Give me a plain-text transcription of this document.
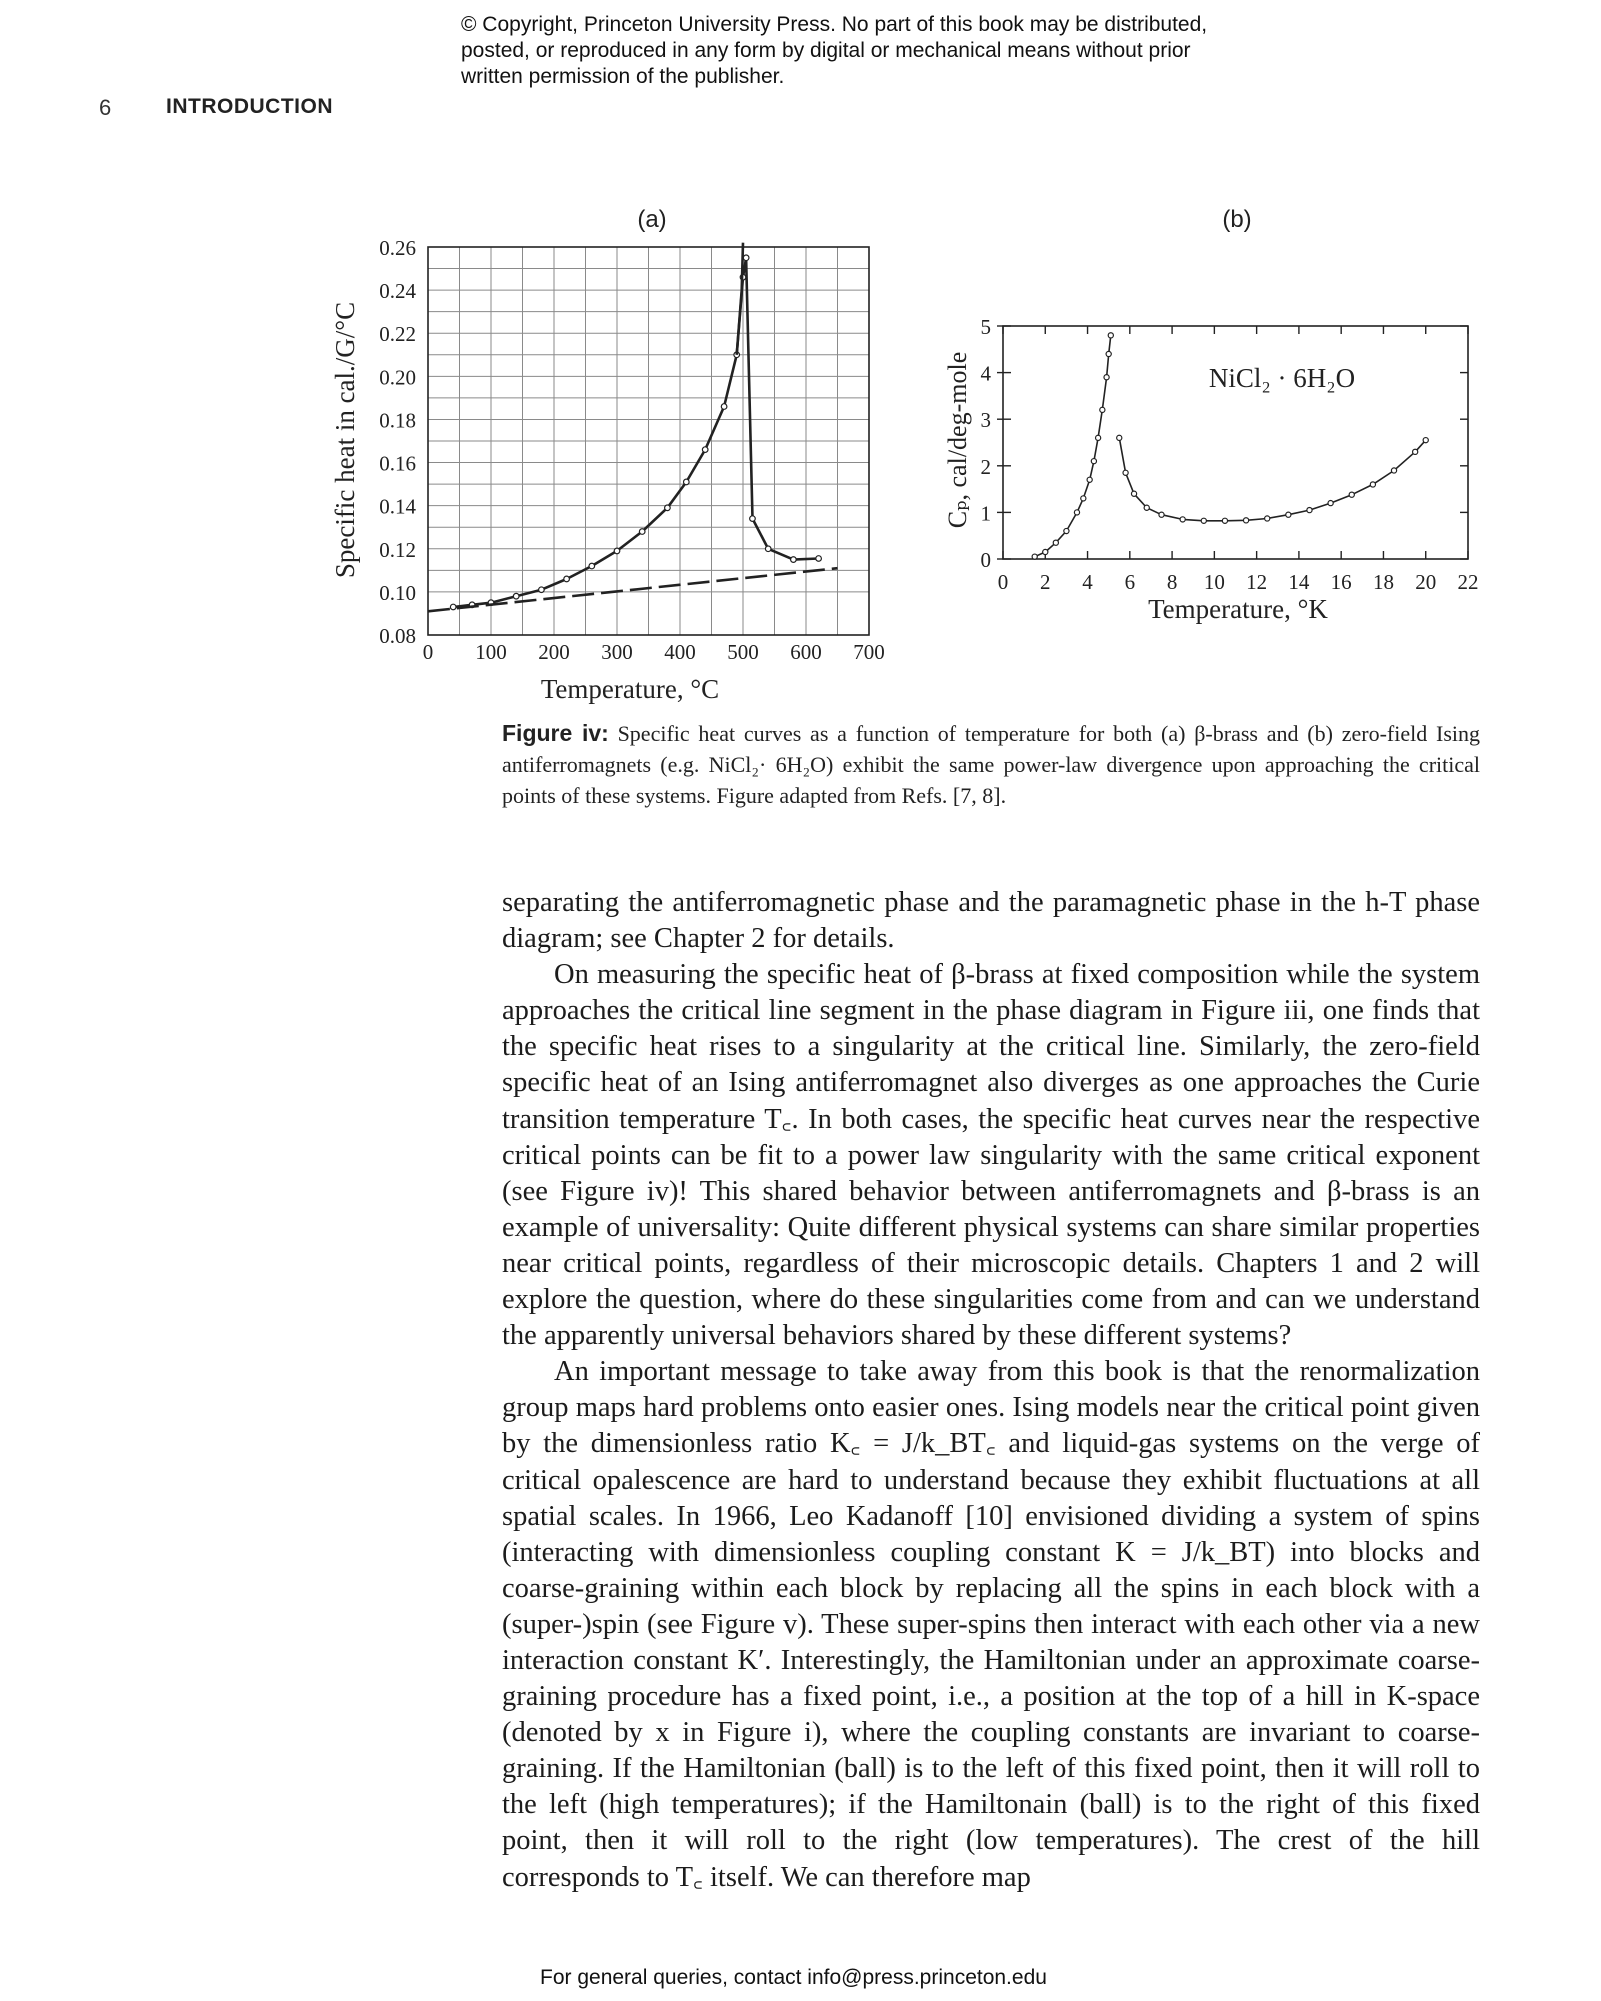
© Copyright, Princeton University Press. No part of this book may be distributed, posted, or reproduced in any form by digital or mechanical means without prior written permission of the publisher.
6	INTRODUCTION
(a)
0.08
0.10
0.12
0.14
0.16
0.18
0.20
0.22
0.24
0.26
0 100 200 300 400 500 600 700
Temperature, °C
Specific heat in cal./G/°C
(b)
0
1
2
3
4
5
0 2 4 6 8 10 12 14 16 18 20 22
NiCl₂ · 6H₂O
Temperature, °K
Cₚ, cal/deg-mole
Figure iv: Specific heat curves as a function of temperature for both (a) β-brass and (b) zero-field Ising antiferromagnets (e.g. NiCl₂· 6H₂O) exhibit the same power-law divergence upon approaching the critical points of these systems. Figure adapted from Refs. [7, 8].

separating the antiferromagnetic phase and the paramagnetic phase in the h-T phase diagram; see Chapter 2 for details.

On measuring the specific heat of β-brass at fixed composition while the system approaches the critical line segment in the phase diagram in Figure iii, one finds that the specific heat rises to a singularity at the critical line. Similarly, the zero-field specific heat of an Ising antiferromagnet also diverges as one approaches the Curie transition temperature T꜀. In both cases, the specific heat curves near the respective critical points can be fit to a power law singularity with the same critical exponent (see Figure iv)! This shared behavior between antiferromagnets and β-brass is an example of universality: Quite different physical systems can share similar properties near critical points, regardless of their microscopic details. Chapters 1 and 2 will explore the question, where do these singularities come from and can we understand the apparently universal behaviors shared by these different systems?

An important message to take away from this book is that the renormalization group maps hard problems onto easier ones. Ising models near the critical point given by the dimensionless ratio K꜀ = J/k_BT꜀ and liquid-gas systems on the verge of critical opalescence are hard to understand because they exhibit fluctuations at all spatial scales. In 1966, Leo Kadanoff [10] envisioned dividing a system of spins (interacting with dimensionless coupling constant K = J/k_BT) into blocks and coarse-graining within each block by replacing all the spins in each block with a (super-)spin (see Figure v). These super-spins then interact with each other via a new interaction constant K′. Interestingly, the Hamiltonian under an approximate coarse-graining procedure has a fixed point, i.e., a position at the top of a hill in K-space (denoted by x in Figure i), where the coupling constants are invariant to coarse-graining. If the Hamiltonian (ball) is to the left of this fixed point, then it will roll to the left (high temperatures); if the Hamiltonain (ball) is to the right of this fixed point, then it will roll to the right (low temperatures). The crest of the hill corresponds to T꜀ itself. We can therefore map

For general queries, contact info@press.princeton.edu
